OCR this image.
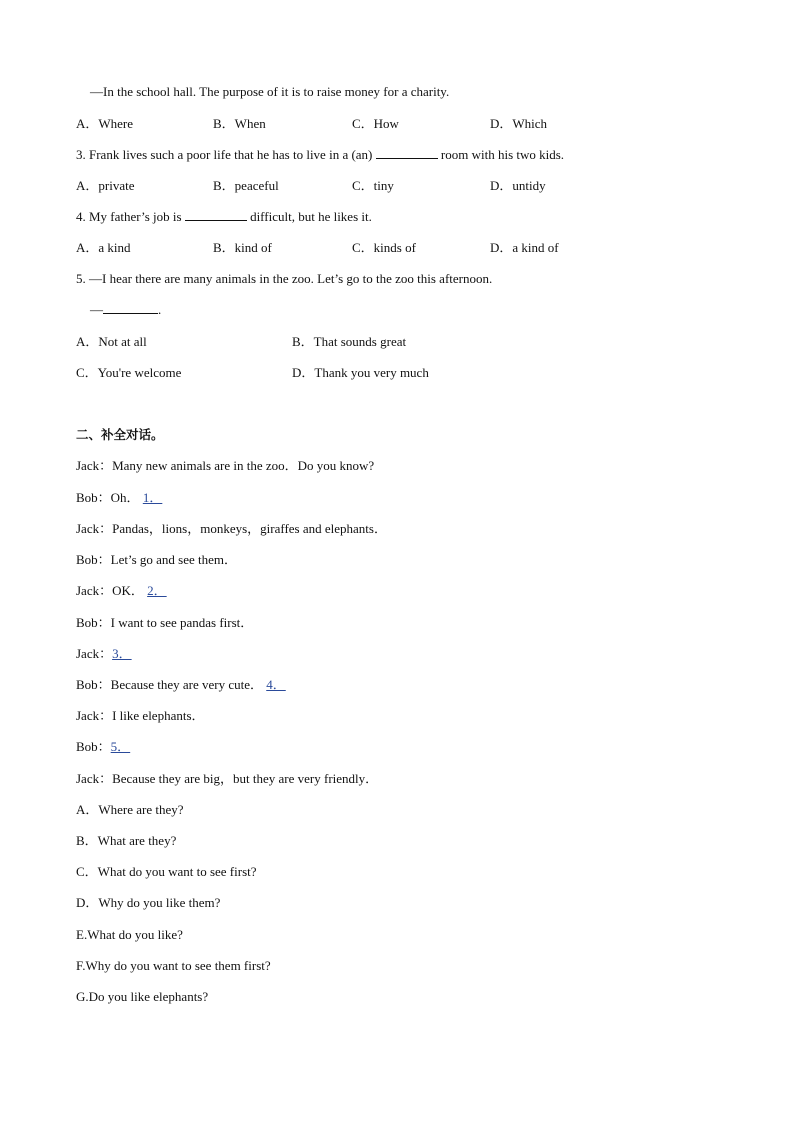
—In the school hall. The purpose of it is to raise money for a charity.
A．Where	B．When	C．How	D．Which
3. Frank lives such a poor life that he has to live in a (an)	room with his two kids.
A．private	B．peaceful	C．tiny	D．untidy
4. My father’s job is	difficult, but he likes it.
A．a kind	B．kind of	C．kinds of	D．a kind of
5. —I hear there are many animals in the zoo. Let’s go to the zoo this afternoon.
—	.
A．Not at all	B．That sounds great
C．You're welcome	D．Thank you very much
二、补全对话。
Jack：Many new animals are in the zoo．Do you know?
Bob：Oh． 1．
Jack：Pandas，lions，monkeys，giraffes and elephants．
Bob：Let’s go and see them．
Jack：OK． 2．
Bob：I want to see pandas first．
Jack：3．
Bob：Because they are very cute． 4．
Jack：I like elephants．
Bob：5．
Jack：Because they are big，but they are very friendly．
A．Where are they?
B．What are they?
C．What do you want to see first?
D．Why do you like them?
E.What do you like?
F.Why do you want to see them first?
G.Do you like elephants?
